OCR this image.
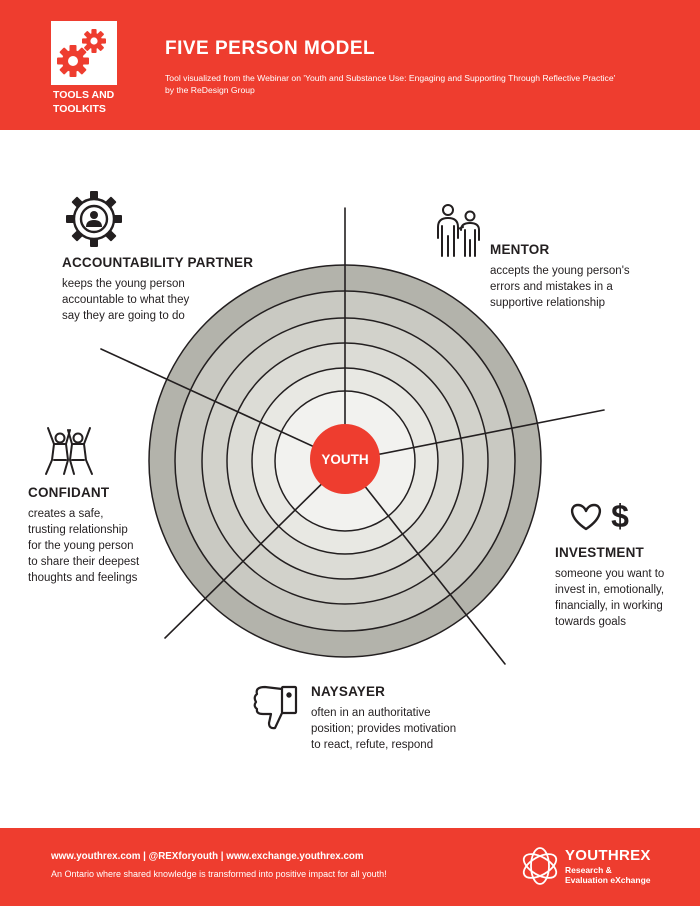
TOOLS AND
TOOLKITS
FIVE PERSON MODEL
Tool visualized from the Webinar on 'Youth and Substance Use: Engaging and Supporting Through Reflective Practice'
by the ReDesign Group
YOUTH
$
ACCOUNTABILITY PARTNER
keeps the young person
accountable to what they
say they are going to do
MENTOR
accepts the young person's
errors and mistakes in a
supportive relationship
CONFIDANT
creates a safe,
trusting relationship
for the young person
to share their deepest
thoughts and feelings
INVESTMENT
someone you want to
invest in, emotionally,
financially, in working
towards goals
NAYSAYER
often in an authoritative
position; provides motivation
to react, refute, respond
www.youthrex.com | @REXforyouth | www.exchange.youthrex.com
An Ontario where shared knowledge is transformed into positive impact for all youth!
YOUTHREX
Research &
Evaluation eXchange
